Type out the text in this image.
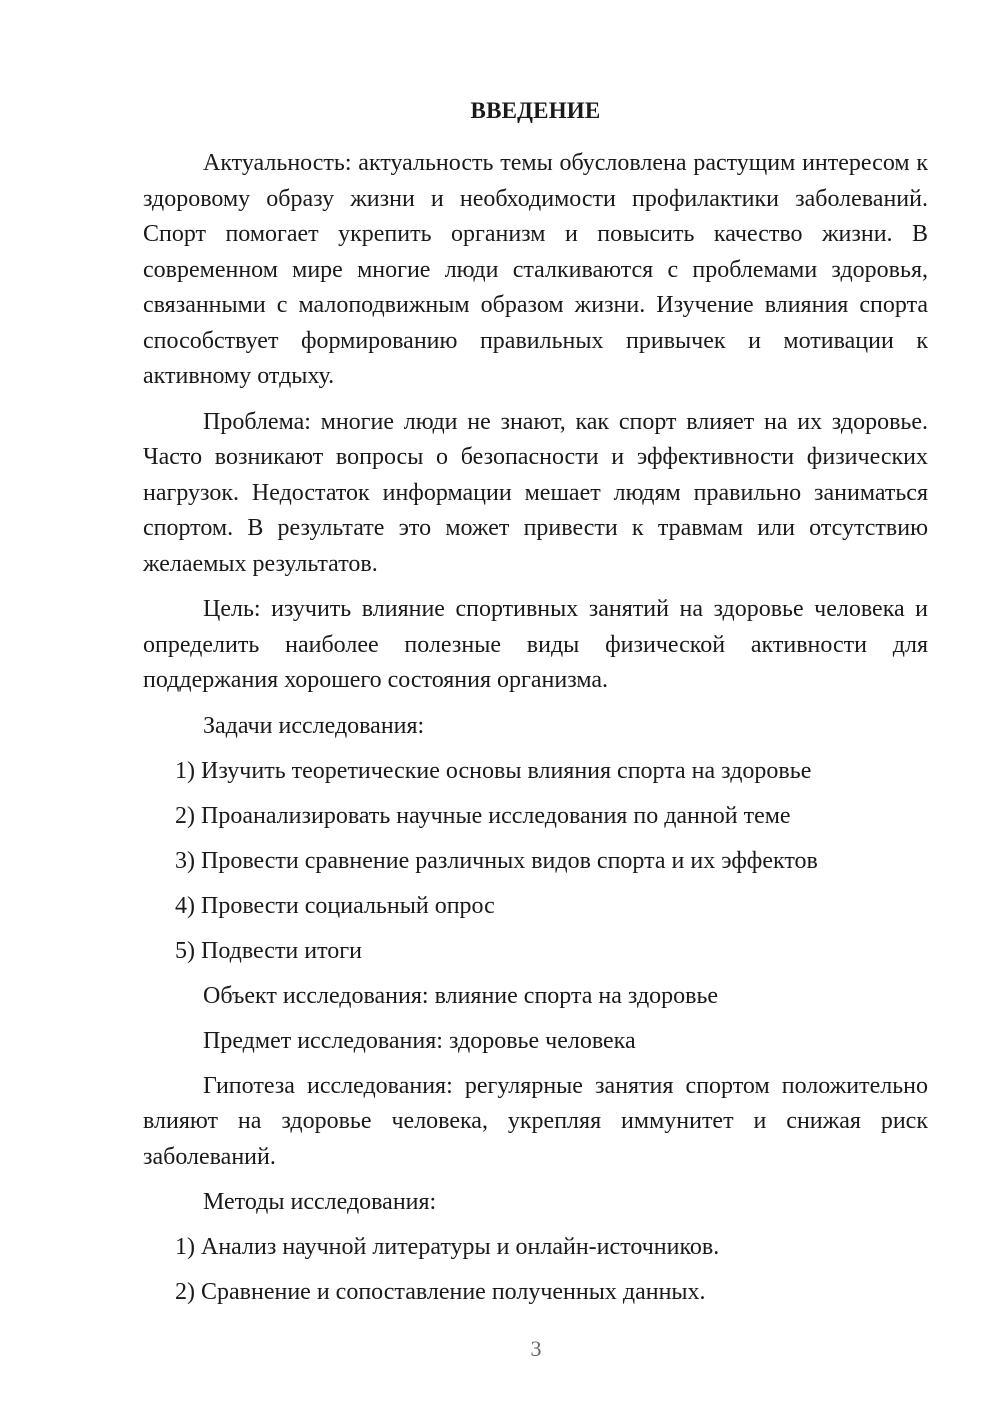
ВВЕДЕНИЕ
Актуальность: актуальность темы обусловлена растущим интересом к здоровому образу жизни и необходимости профилактики заболеваний. Спорт помогает укрепить организм и повысить качество жизни. В современном мире многие люди сталкиваются с проблемами здоровья, связанными с малоподвижным образом жизни. Изучение влияния спорта способствует формированию правильных привычек и мотивации к активному отдыху.
Проблема: многие люди не знают, как спорт влияет на их здоровье. Часто возникают вопросы о безопасности и эффективности физических нагрузок. Недостаток информации мешает людям правильно заниматься спортом. В результате это может привести к травмам или отсутствию желаемых результатов.
Цель: изучить влияние спортивных занятий на здоровье человека и определить наиболее полезные виды физической активности для поддержания хорошего состояния организма.
Задачи исследования:
1) Изучить теоретические основы влияния спорта на здоровье
2) Проанализировать научные исследования по данной теме
3) Провести сравнение различных видов спорта и их эффектов
4) Провести социальный опрос
5) Подвести итоги
Объект исследования: влияние спорта на здоровье
Предмет исследования: здоровье человека
Гипотеза исследования: регулярные занятия спортом положительно влияют на здоровье человека, укрепляя иммунитет и снижая риск заболеваний.
Методы исследования:
1) Анализ научной литературы и онлайн-источников.
2) Сравнение и сопоставление полученных данных.
3
